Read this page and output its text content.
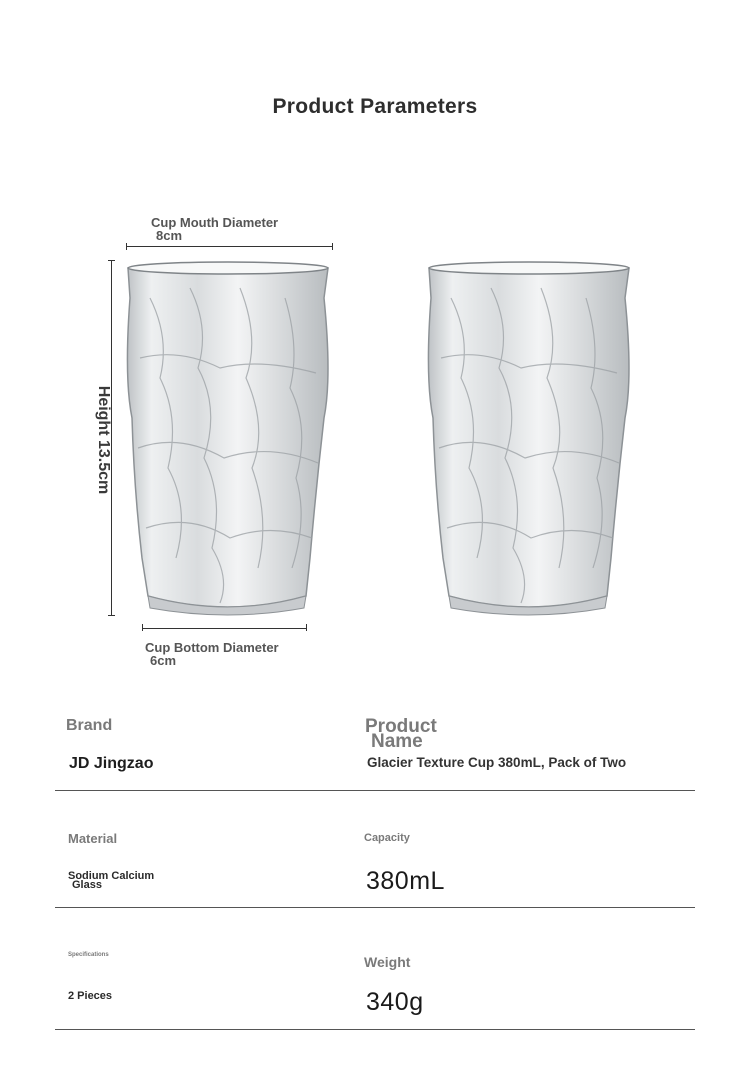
Product Parameters
Cup Mouth Diameter
8cm
Height 13.5cm
Cup Bottom Diameter
6cm
Brand
JD Jingzao
Product
Name
Glacier Texture Cup 380mL, Pack of Two
Material
Sodium Calcium
Glass
Capacity
380mL
Specifications
2 Pieces
Weight
340g
